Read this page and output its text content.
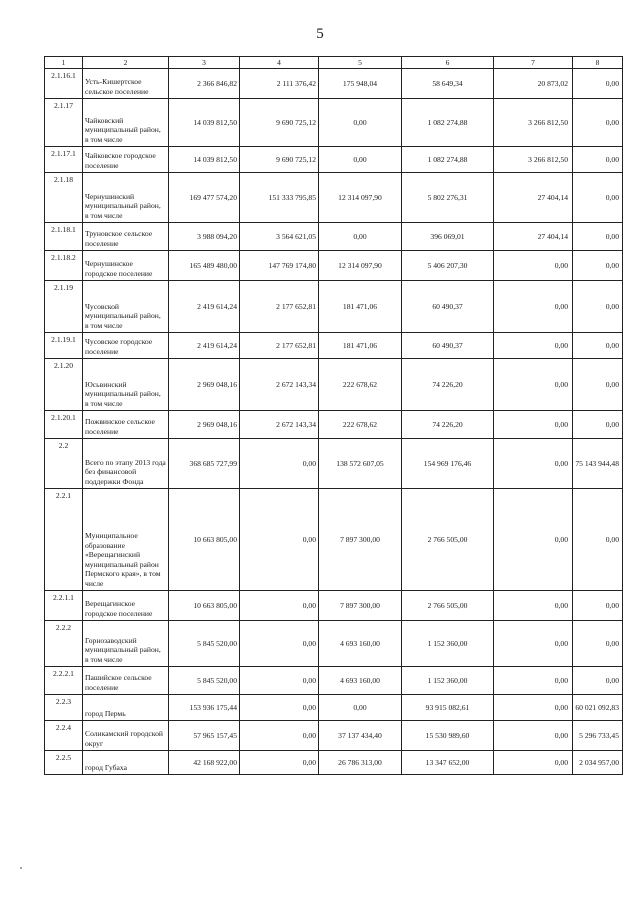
5
1	2	3	4	5	6	7	8
2.1.16.1	Усть-Кишертское сельское поселение	2 366 846,82	2 111 376,42	175 948,04	58 649,34	20 873,02	0,00
2.1.17	Чайковский муниципальный район, в том числе	14 039 812,50	9 690 725,12	0,00	1 082 274,88	3 266 812,50	0,00
2.1.17.1	Чайковское городское поселение	14 039 812,50	9 690 725,12	0,00	1 082 274,88	3 266 812,50	0,00
2.1.18	Чернушинский муниципальный район, в том числе	169 477 574,20	151 333 795,85	12 314 097,90	5 802 276,31	27 404,14	0,00
2.1.18.1	Труновское сельское поселение	3 988 094,20	3 564 621,05	0,00	396 069,01	27 404,14	0,00
2.1.18.2	Чернушинское городское поселение	165 489 480,00	147 769 174,80	12 314 097,90	5 406 207,30	0,00	0,00
2.1.19	Чусовской муниципальный район, в том числе	2 419 614,24	2 177 652,81	181 471,06	60 490,37	0,00	0,00
2.1.19.1	Чусовское городское поселение	2 419 614,24	2 177 652,81	181 471,06	60 490,37	0,00	0,00
2.1.20	Юсьвинский муниципальный район, в том числе	2 969 048,16	2 672 143,34	222 678,62	74 226,20	0,00	0,00
2.1.20.1	Пожвинское сельское поселение	2 969 048,16	2 672 143,34	222 678,62	74 226,20	0,00	0,00
2.2	Всего по этапу 2013 года без финансовой поддержки Фонда	368 685 727,99	0,00	138 572 607,05	154 969 176,46	0,00	75 143 944,48
2.2.1	Муниципальное образование «Верещагинский муниципальный район Пермского края», в том числе	10 663 805,00	0,00	7 897 300,00	2 766 505,00	0,00	0,00
2.2.1.1	Верещагинское городское поселение	10 663 805,00	0,00	7 897 300,00	2 766 505,00	0,00	0,00
2.2.2	Горнозаводский муниципальный район, в том числе	5 845 520,00	0,00	4 693 160,00	1 152 360,00	0,00	0,00
2.2.2.1	Пашийское сельское поселение	5 845 520,00	0,00	4 693 160,00	1 152 360,00	0,00	0,00
2.2.3	город Пермь	153 936 175,44	0,00	0,00	93 915 082,61	0,00	60 021 092,83
2.2.4	Соликамский городской округ	57 965 157,45	0,00	37 137 434,40	15 530 989,60	0,00	5 296 733,45
2.2.5	город Губаха	42 168 922,00	0,00	26 786 313,00	13 347 652,00	0,00	2 034 957,00
